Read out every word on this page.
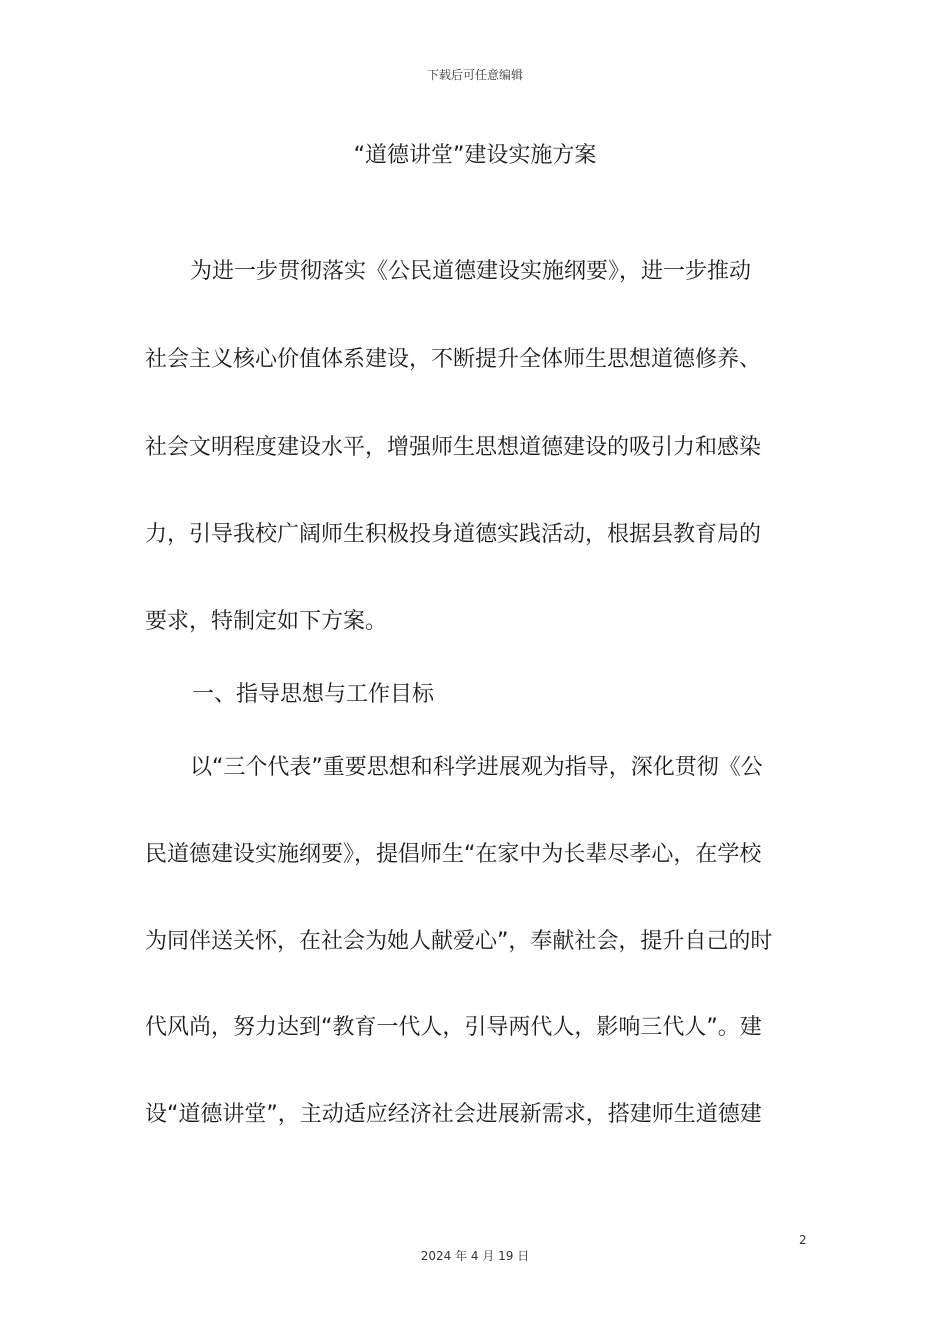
下载后可任意编辑
“道德讲堂”建设实施方案
为进一步贯彻落实《公民道德建设实施纲要》，进一步推动
社会主义核心价值体系建设，不断提升全体师生思想道德修养、
社会文明程度建设水平，增强师生思想道德建设的吸引力和感染
力，引导我校广阔师生积极投身道德实践活动，根据县教育局的
要求，特制定如下方案。
一、指导思想与工作目标
以“三个代表”重要思想和科学进展观为指导，深化贯彻《公
民道德建设实施纲要》，提倡师生“在家中为长辈尽孝心，在学校
为同伴送关怀，在社会为她人献爱心”，奉献社会，提升自己的时
代风尚，努力达到“教育一代人，引导两代人，影响三代人”。建
设“道德讲堂”，主动适应经济社会进展新需求，搭建师生道德建
2
2024 年 4 月 19 日
